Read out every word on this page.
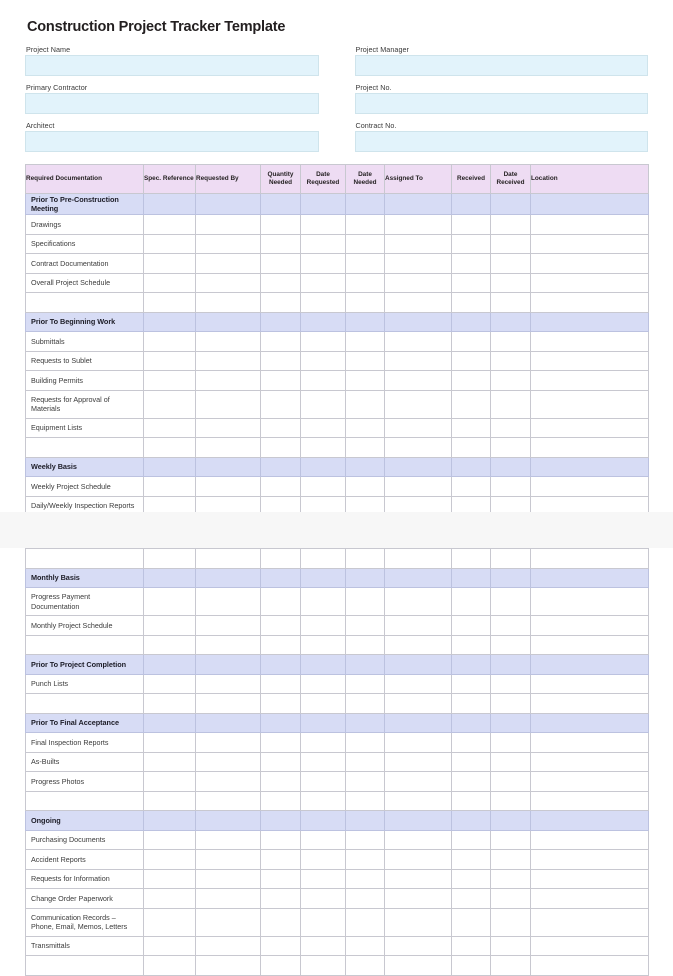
Construction Project Tracker Template
Project Name
Primary Contractor
Architect
Project Manager
Project No.
Contract No.
Required Documentation	Spec. Reference	Requested By	Quantity Needed	Date Requested	Date Needed	Assigned To	Received	Date Received	Location
Prior To Pre-Construction Meeting									
Drawings									
Specifications									
Contract Documentation									
Overall Project Schedule									

Prior To Beginning Work									
Submittals									
Requests to Sublet									
Building Permits									
Requests for Approval of Materials									
Equipment Lists									

Weekly Basis									
Weekly Project Schedule									
Daily/Weekly Inspection Reports									

Monthly Basis									
Progress Payment Documentation									
Monthly Project Schedule									

Prior To Project Completion									
Punch Lists									

Prior To Final Acceptance									
Final Inspection Reports									
As-Builts									
Progress Photos									

Ongoing									
Purchasing Documents									
Accident Reports									
Requests for Information									
Change Order Paperwork									
Communication Records – Phone, Email, Memos, Letters									
Transmittals									
